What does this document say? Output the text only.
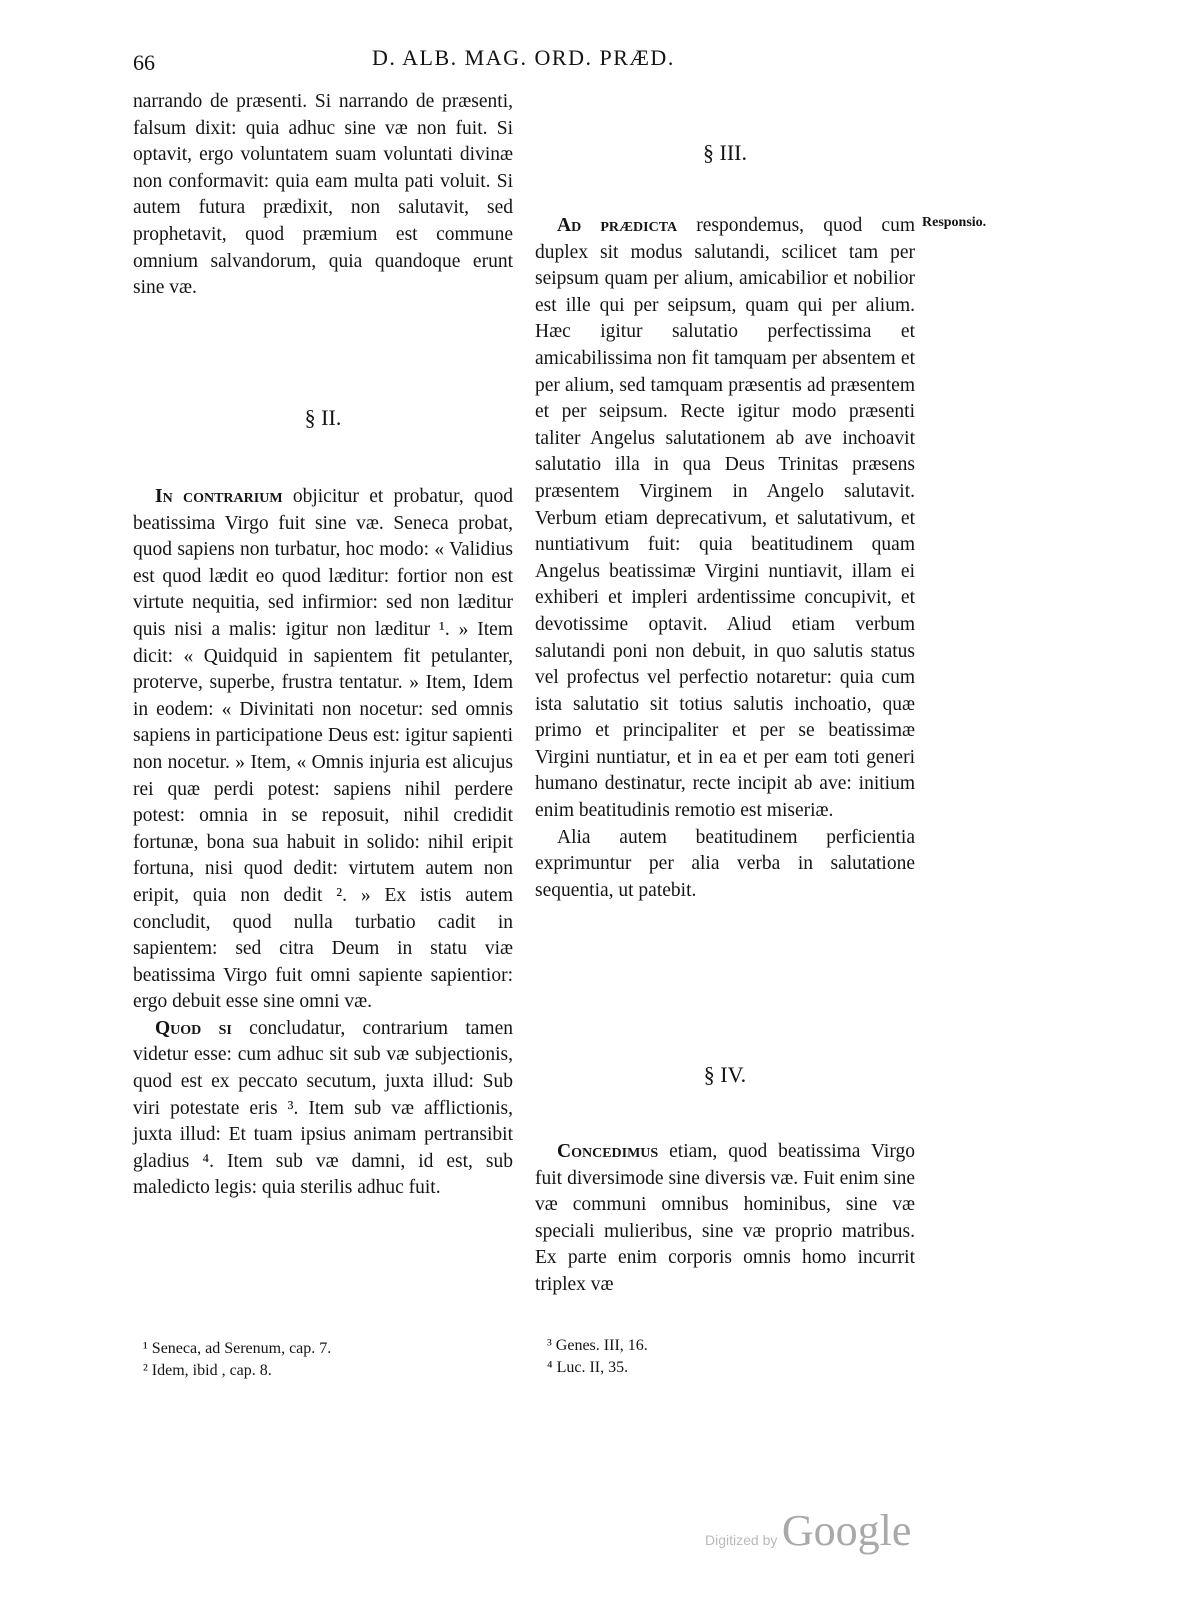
66	D. ALB. MAG. ORD. PRÆD.

narrando de præsenti. Si narrando de præsenti, falsum dixit: quia adhuc sine væ non fuit. Si optavit, ergo voluntatem suam voluntati divinæ non conformavit: quia eam multa pati voluit. Si autem futura prædixit, non salutavit, sed prophetavit, quod præmium est commune omnium salvandorum, quia quandoque erunt sine væ.

§ II.

In contrarium objicitur et probatur, quod beatissima Virgo fuit sine væ. Seneca probat, quod sapiens non turbatur, hoc modo: « Validius est quod lædit eo quod læditur: fortior non est virtute nequitia, sed infirmior: sed non læditur quis nisi a malis: igitur non læditur ¹. » Item dicit: « Quidquid in sapientem fit petulanter, proterve, superbe, frustra tentatur. » Item, Idem in eodem: « Divinitati non nocetur: sed omnis sapiens in participatione Deus est: igitur sapienti non nocetur. » Item, « Omnis injuria est alicujus rei quæ perdi potest: sapiens nihil perdere potest: omnia in se reposuit, nihil credidit fortunæ, bona sua habuit in solido: nihil eripit fortuna, nisi quod dedit: virtutem autem non eripit, quia non dedit ². » Ex istis autem concludit, quod nulla turbatio cadit in sapientem: sed citra Deum in statu viæ beatissima Virgo fuit omni sapiente sapientior: ergo debuit esse sine omni væ.

Quod si concludatur, contrarium tamen videtur esse: cum adhuc sit sub væ subjectionis, quod est ex peccato secutum, juxta illud: Sub viri potestate eris ³. Item sub væ afflictionis, juxta illud: Et tuam ipsius animam pertransibit gladius ⁴. Item sub væ damni, id est, sub maledicto legis: quia sterilis adhuc fuit.

¹ Seneca, ad Serenum, cap. 7.
² Idem, ibid , cap. 8.
§ III.
Responsio.

Ad prædicta respondemus, quod cum duplex sit modus salutandi, scilicet tam per seipsum quam per alium, amicabilior et nobilior est ille qui per seipsum, quam qui per alium. Hæc igitur salutatio perfectissima et amicabilissima non fit tamquam per absentem et per alium, sed tamquam præsentis ad præsentem et per seipsum. Recte igitur modo præsenti taliter Angelus salutationem ab ave inchoavit salutatio illa in qua Deus Trinitas præsens præsentem Virginem in Angelo salutavit. Verbum etiam deprecativum, et salutativum, et nuntiativum fuit: quia beatitudinem quam Angelus beatissimæ Virgini nuntiavit, illam ei exhiberi et impleri ardentissime concupivit, et devotissime optavit. Aliud etiam verbum salutandi poni non debuit, in quo salutis status vel profectus vel perfectio notaretur: quia cum ista salutatio sit totius salutis inchoatio, quæ primo et principaliter et per se beatissimæ Virgini nuntiatur, et in ea et per eam toti generi humano destinatur, recte incipit ab ave: initium enim beatitudinis remotio est miseriæ.

Alia autem beatitudinem perficientia exprimuntur per alia verba in salutatione sequentia, ut patebit.

§ IV.

Concedimus etiam, quod beatissima Virgo fuit diversimode sine diversis væ. Fuit enim sine væ communi omnibus hominibus, sine væ speciali mulieribus, sine væ proprio matribus. Ex parte enim corporis omnis homo incurrit triplex væ

³ Genes. III, 16.
⁴ Luc. II, 35.
Digitized by Google
